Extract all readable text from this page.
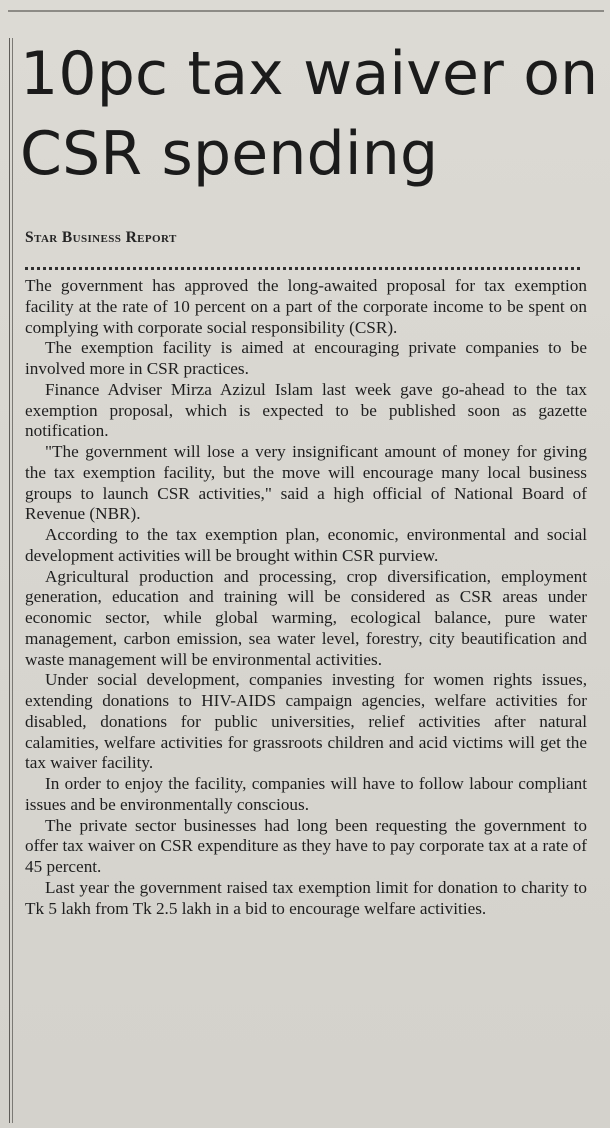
10pc tax waiver on CSR spending
Star Business Report

The government has approved the long-awaited proposal for tax exemption facility at the rate of 10 percent on a part of the corporate income to be spent on complying with corporate social responsibility (CSR).

The exemption facility is aimed at encouraging private companies to be involved more in CSR practices.

Finance Adviser Mirza Azizul Islam last week gave go-ahead to the tax exemption proposal, which is expected to be published soon as gazette notification.

"The government will lose a very insignificant amount of money for giving the tax exemption facility, but the move will encourage many local business groups to launch CSR activities," said a high official of National Board of Revenue (NBR).

According to the tax exemption plan, economic, environmental and social development activities will be brought within CSR purview.

Agricultural production and processing, crop diversification, employment generation, education and training will be considered as CSR areas under economic sector, while global warming, ecological balance, pure water management, carbon emission, sea water level, forestry, city beautification and waste management will be environmental activities.

Under social development, companies investing for women rights issues, extending donations to HIV-AIDS campaign agencies, welfare activities for disabled, donations for public universities, relief activities after natural calamities, welfare activities for grassroots children and acid victims will get the tax waiver facility.

In order to enjoy the facility, companies will have to follow labour compliant issues and be environmentally conscious.

The private sector businesses had long been requesting the government to offer tax waiver on CSR expenditure as they have to pay corporate tax at a rate of 45 percent.

Last year the government raised tax exemption limit for donation to charity to Tk 5 lakh from Tk 2.5 lakh in a bid to encourage welfare activities.
